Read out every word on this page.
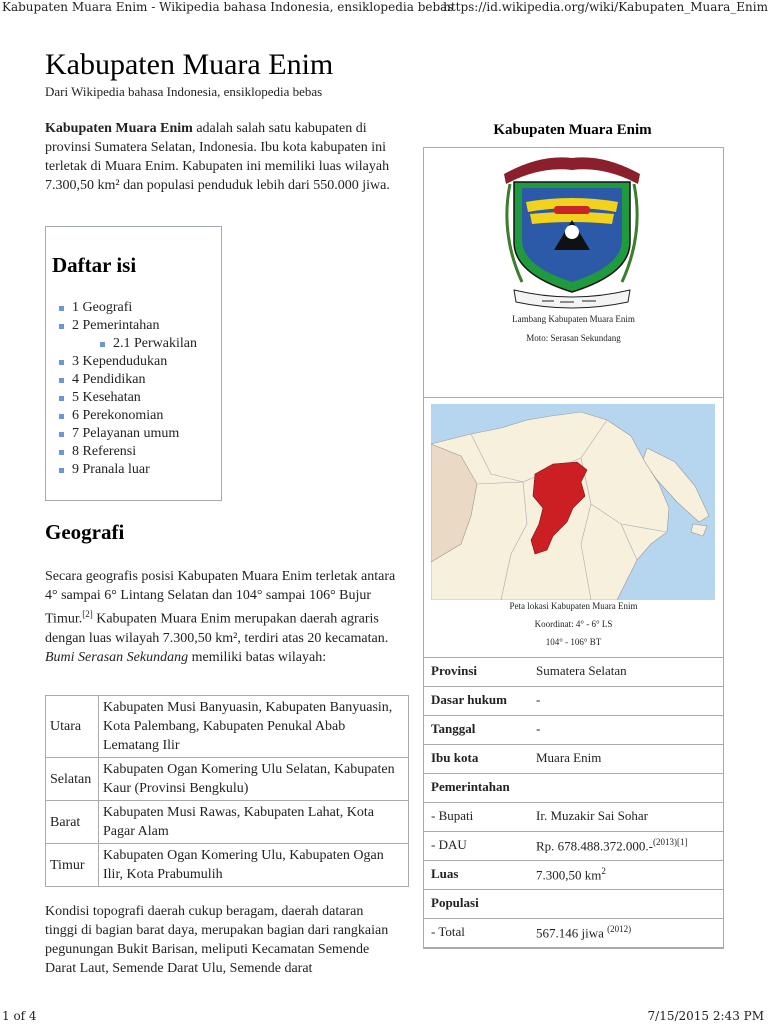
Kabupaten Muara Enim - Wikipedia bahasa Indonesia, ensiklopedia bebas
https://id.wikipedia.org/wiki/Kabupaten_Muara_Enim
Kabupaten Muara Enim
Dari Wikipedia bahasa Indonesia, ensiklopedia bebas
Kabupaten Muara Enim adalah salah satu kabupaten di provinsi Sumatera Selatan, Indonesia. Ibu kota kabupaten ini terletak di Muara Enim. Kabupaten ini memiliki luas wilayah 7.300,50 km² dan populasi penduduk lebih dari 550.000 jiwa.
Daftar isi
1 Geografi
2 Pemerintahan
2.1 Perwakilan
3 Kependudukan
4 Pendidikan
5 Kesehatan
6 Perekonomian
7 Pelayanan umum
8 Referensi
9 Pranala luar
Geografi
Secara geografis posisi Kabupaten Muara Enim terletak antara 4° sampai 6° Lintang Selatan dan 104° sampai 106° Bujur Timur.[2] Kabupaten Muara Enim merupakan daerah agraris dengan luas wilayah 7.300,50 km², terdiri atas 20 kecamatan. Bumi Serasan Sekundang memiliki batas wilayah:
Utara	Kabupaten Musi Banyuasin, Kabupaten Banyuasin, Kota Palembang, Kabupaten Penukal Abab Lematang Ilir
Selatan	Kabupaten Ogan Komering Ulu Selatan, Kabupaten Kaur (Provinsi Bengkulu)
Barat	Kabupaten Musi Rawas, Kabupaten Lahat, Kota Pagar Alam
Timur	Kabupaten Ogan Komering Ulu, Kabupaten Ogan Ilir, Kota Prabumulih
Kondisi topografi daerah cukup beragam, daerah dataran tinggi di bagian barat daya, merupakan bagian dari rangkaian pegunungan Bukit Barisan, meliputi Kecamatan Semende Darat Laut, Semende Darat Ulu, Semende darat
Kabupaten Muara Enim
Lambang Kabupaten Muara Enim
Moto: Serasan Sekundang
Peta lokasi Kabupaten Muara Enim
Koordinat: 4° - 6° LS
104° - 106° BT
Provinsi	Sumatera Selatan
Dasar hukum -
Tanggal	-
Ibu kota	Muara Enim
Pemerintahan
- Bupati	Ir. Muzakir Sai Sohar
- DAU	Rp. 678.488.372.000.-$^{(2013)[1]}$
Luas	7.300,50 $km^2$
Populasi
- Total	567.146 jiwa $^{(2012)}$
1 of 4	7/15/2015 2:43 PM
